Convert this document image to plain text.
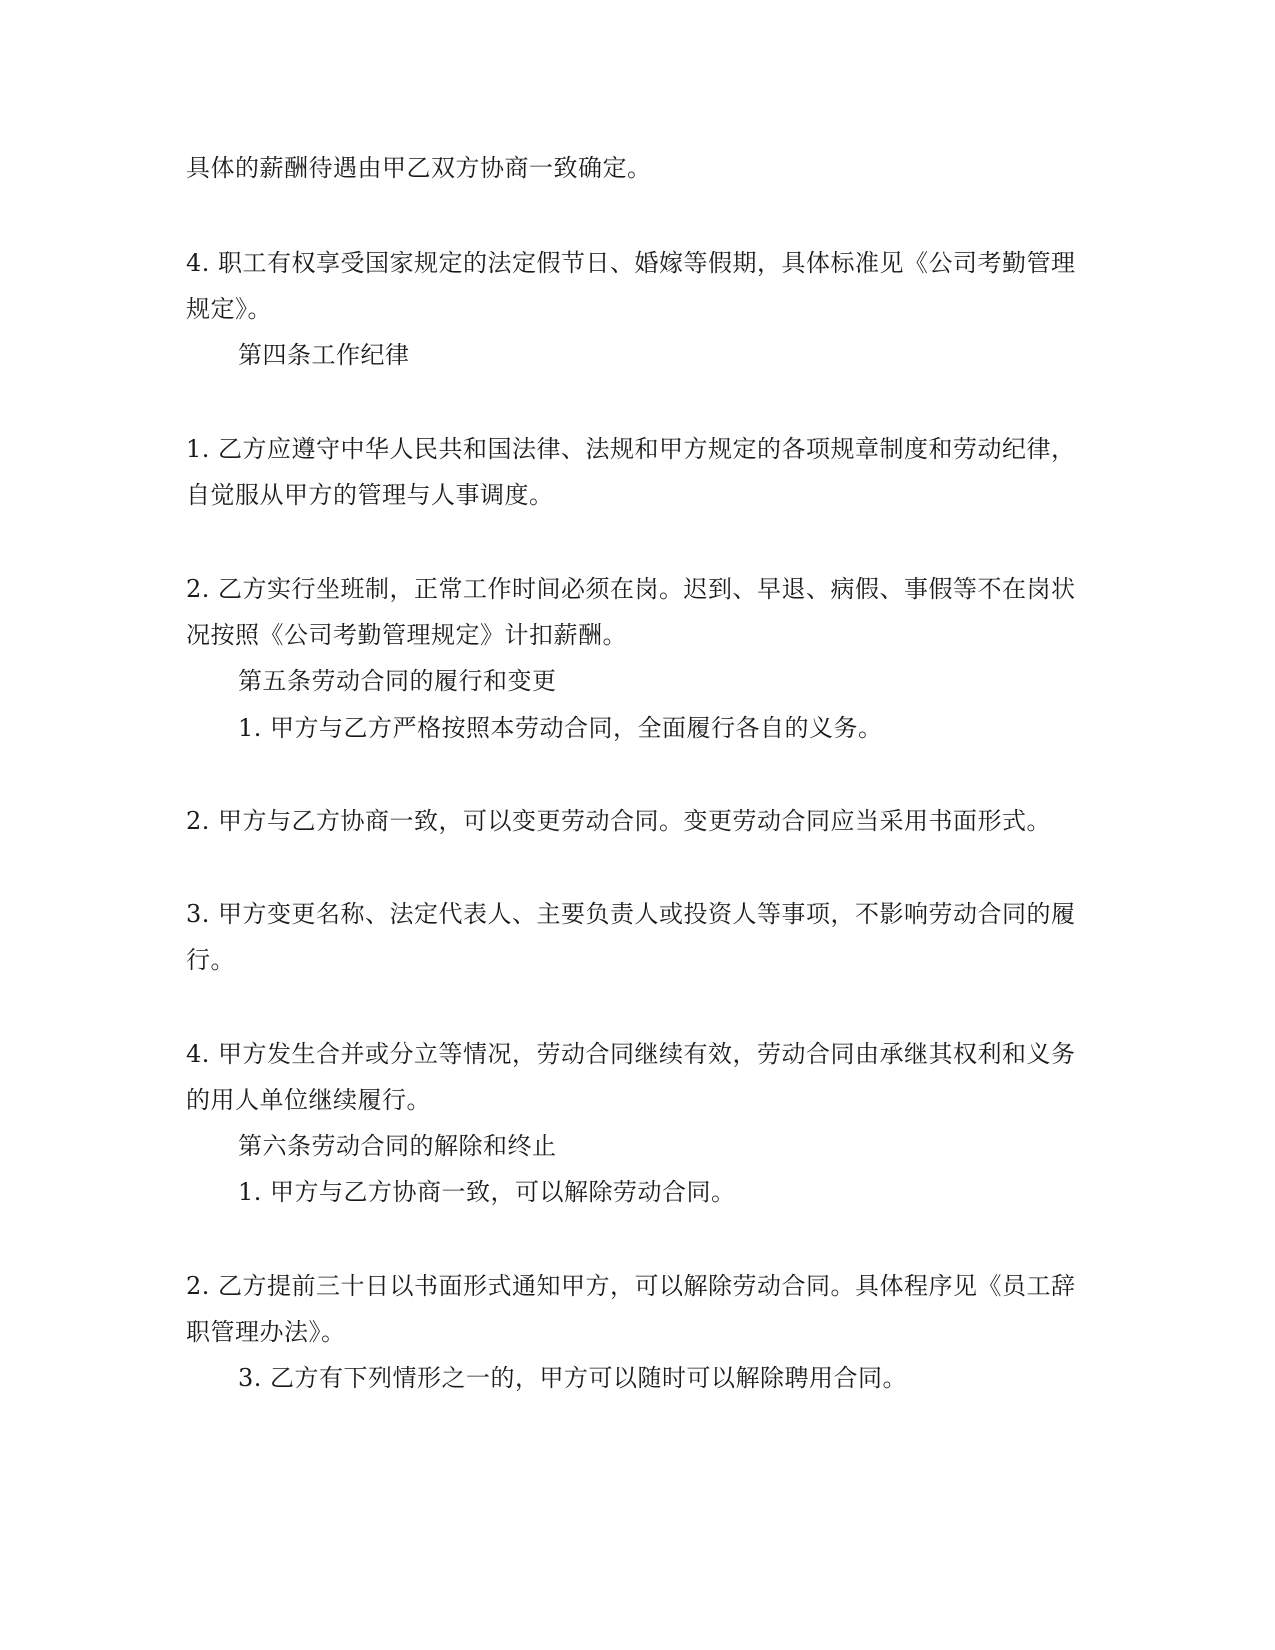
具体的薪酬待遇由甲乙双方协商一致确定。
4. 职工有权享受国家规定的法定假节日、婚嫁等假期，具体标准见《公司考勤管理
规定》。
第四条工作纪律
1. 乙方应遵守中华人民共和国法律、法规和甲方规定的各项规章制度和劳动纪律，
自觉服从甲方的管理与人事调度。
2. 乙方实行坐班制，正常工作时间必须在岗。迟到、早退、病假、事假等不在岗状
况按照《公司考勤管理规定》计扣薪酬。
第五条劳动合同的履行和变更
1. 甲方与乙方严格按照本劳动合同，全面履行各自的义务。
2. 甲方与乙方协商一致，可以变更劳动合同。变更劳动合同应当采用书面形式。
3. 甲方变更名称、法定代表人、主要负责人或投资人等事项，不影响劳动合同的履
行。
4. 甲方发生合并或分立等情况，劳动合同继续有效，劳动合同由承继其权利和义务
的用人单位继续履行。
第六条劳动合同的解除和终止
1. 甲方与乙方协商一致，可以解除劳动合同。
2. 乙方提前三十日以书面形式通知甲方，可以解除劳动合同。具体程序见《员工辞
职管理办法》。
3. 乙方有下列情形之一的，甲方可以随时可以解除聘用合同。
